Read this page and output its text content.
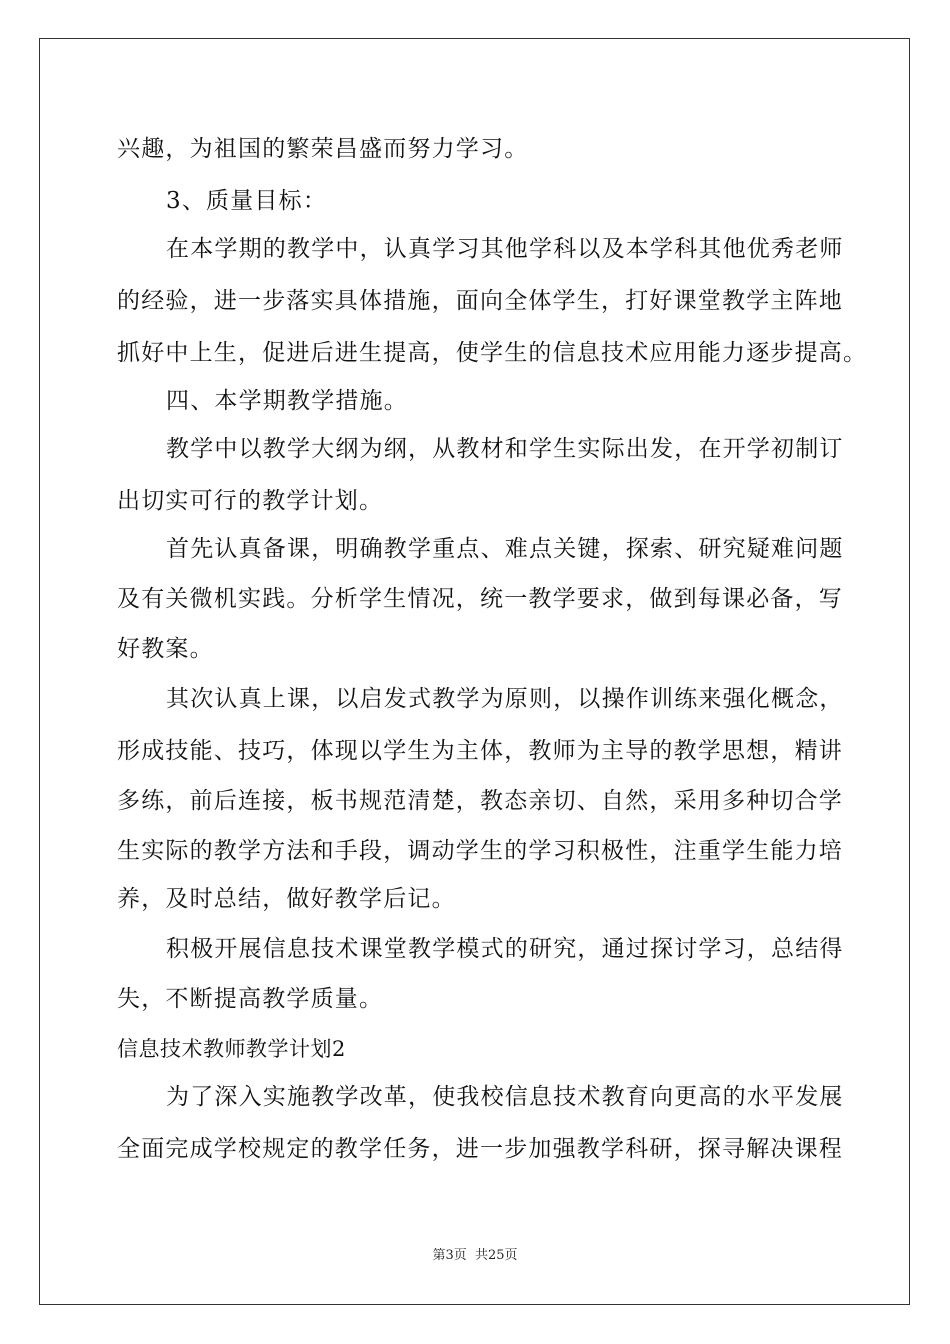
兴趣，为祖国的繁荣昌盛而努力学习。
3、质量目标：
在本学期的教学中，认真学习其他学科以及本学科其他优秀老师
的经验，进一步落实具体措施，面向全体学生，打好课堂教学主阵地
抓好中上生，促进后进生提高，使学生的信息技术应用能力逐步提高。
四、本学期教学措施。
教学中以教学大纲为纲，从教材和学生实际出发，在开学初制订
出切实可行的教学计划。
首先认真备课，明确教学重点、难点关键，探索、研究疑难问题
及有关微机实践。分析学生情况，统一教学要求，做到每课必备，写
好教案。
其次认真上课，以启发式教学为原则，以操作训练来强化概念，
形成技能、技巧，体现以学生为主体，教师为主导的教学思想，精讲
多练，前后连接，板书规范清楚，教态亲切、自然，采用多种切合学
生实际的教学方法和手段，调动学生的学习积极性，注重学生能力培
养，及时总结，做好教学后记。
积极开展信息技术课堂教学模式的研究，通过探讨学习，总结得
失，不断提高教学质量。
信息技术教师教学计划2
为了深入实施教学改革，使我校信息技术教育向更高的水平发展
全面完成学校规定的教学任务，进一步加强教学科研，探寻解决课程
第3页 共25页
